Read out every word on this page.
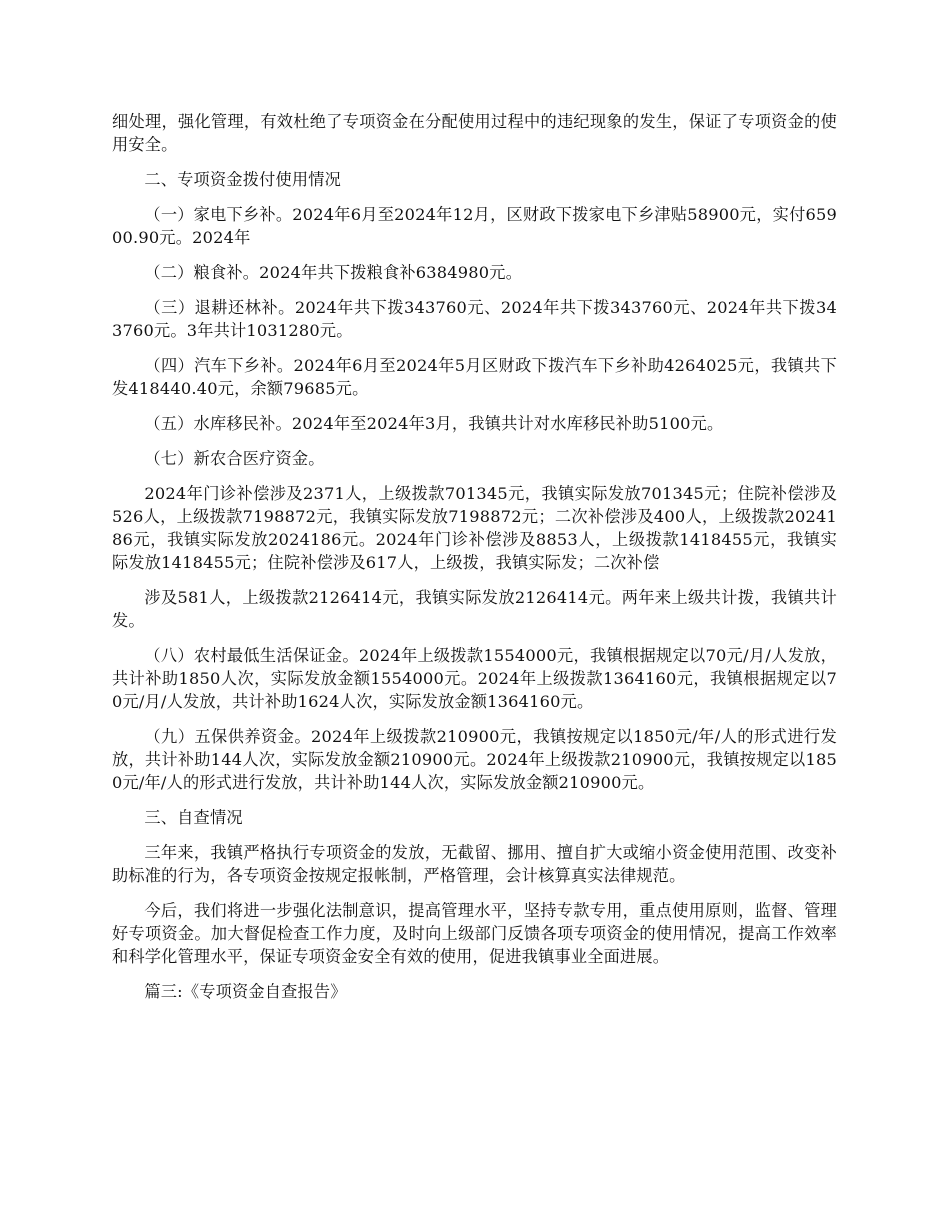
细处理，强化管理，有效杜绝了专项资金在分配使用过程中的违纪现象的发生，保证了专项资金的使用安全。

二、专项资金拨付使用情况

（一）家电下乡补。2024年6月至2024年12月，区财政下拨家电下乡津贴58900元，实付65900.90元。2024年

（二）粮食补。2024年共下拨粮食补6384980元。

（三）退耕还林补。2024年共下拨343760元、2024年共下拨343760元、2024年共下拨343760元。3年共计1031280元。

（四）汽车下乡补。2024年6月至2024年5月区财政下拨汽车下乡补助4264025元，我镇共下发418440.40元，余额79685元。

（五）水库移民补。2024年至2024年3月，我镇共计对水库移民补助5100元。

（七）新农合医疗资金。

2024年门诊补偿涉及2371人，上级拨款701345元，我镇实际发放701345元；住院补偿涉及526人，上级拨款7198872元，我镇实际发放7198872元；二次补偿涉及400人，上级拨款2024186元，我镇实际发放2024186元。2024年门诊补偿涉及8853人，上级拨款1418455元，我镇实际发放1418455元；住院补偿涉及617人，上级拨，我镇实际发；二次补偿

涉及581人，上级拨款2126414元，我镇实际发放2126414元。两年来上级共计拨，我镇共计发。

（八）农村最低生活保证金。2024年上级拨款1554000元，我镇根据规定以70元/月/人发放，共计补助1850人次，实际发放金额1554000元。2024年上级拨款1364160元，我镇根据规定以70元/月/人发放，共计补助1624人次，实际发放金额1364160元。

（九）五保供养资金。2024年上级拨款210900元，我镇按规定以1850元/年/人的形式进行发放，共计补助144人次，实际发放金额210900元。2024年上级拨款210900元，我镇按规定以1850元/年/人的形式进行发放，共计补助144人次，实际发放金额210900元。

三、自查情况

三年来，我镇严格执行专项资金的发放，无截留、挪用、擅自扩大或缩小资金使用范围、改变补助标准的行为，各专项资金按规定报帐制，严格管理，会计核算真实法律规范。

今后，我们将进一步强化法制意识，提高管理水平，坚持专款专用，重点使用原则，监督、管理好专项资金。加大督促检查工作力度，及时向上级部门反馈各项专项资金的使用情况，提高工作效率和科学化管理水平，保证专项资金安全有效的使用，促进我镇事业全面进展。

篇三:《专项资金自查报告》
